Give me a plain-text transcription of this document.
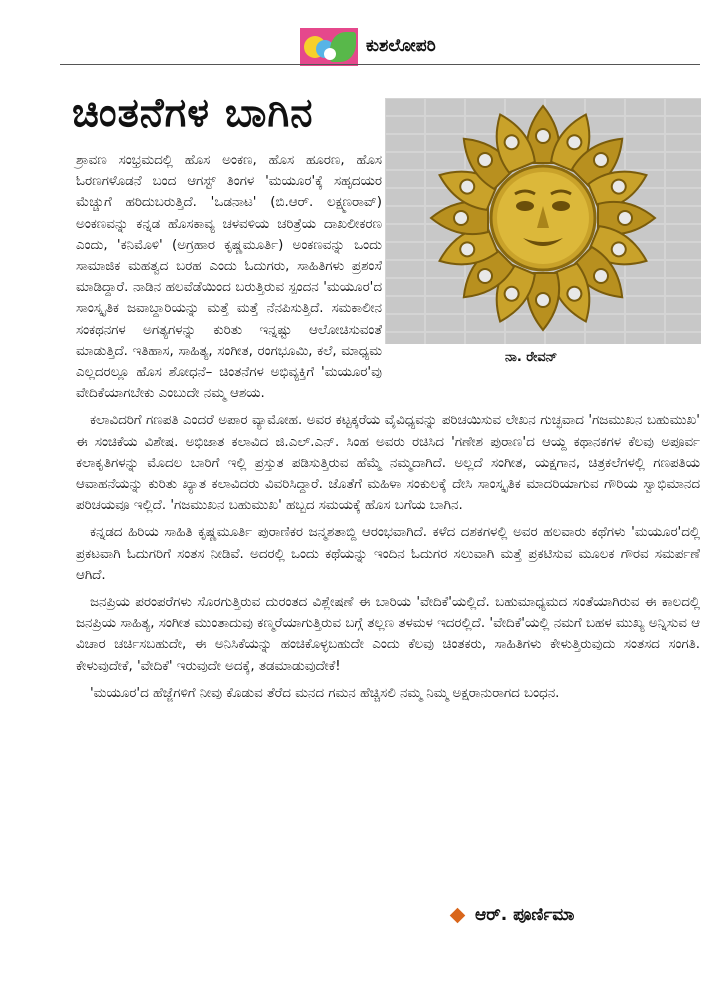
ಕುಶಲೋಪರಿ
ಚಿಂತನೆಗಳ ಬಾಗಿನ
ನಾ. ರೇವನ್

ಶ್ರಾವಣ ಸಂಭ್ರಮದಲ್ಲಿ ಹೊಸ ಅಂಕಣ, ಹೊಸ ಹೂರಣ, ಹೊಸ ಓರಣಗಳೊಡನೆ ಬಂದ ಆಗಸ್ಟ್ ತಿಂಗಳ 'ಮಯೂರ'ಕ್ಕೆ ಸಹೃದಯರ ಮೆಚ್ಚುಗೆ ಹರಿದುಬರುತ್ತಿದೆ. 'ಒಡನಾಟ' (ಬಿ.ಆರ್. ಲಕ್ಷ್ಮಣರಾವ್) ಅಂಕಣವನ್ನು ಕನ್ನಡ ಹೊಸಕಾವ್ಯ ಚಳವಳಿಯ ಚರಿತ್ರೆಯ ದಾಖಲೀಕರಣ ಎಂದು, 'ಕನಿಮೊಳಿ' (ಅಗ್ರಹಾರ ಕೃಷ್ಣಮೂರ್ತಿ) ಅಂಕಣವನ್ನು ಒಂದು ಸಾಮಾಜಿಕ ಮಹತ್ವದ ಬರಹ ಎಂದು ಓದುಗರು, ಸಾಹಿತಿಗಳು ಪ್ರಶಂಸೆ ಮಾಡಿದ್ದಾರೆ. ನಾಡಿನ ಹಲವೆಡೆಯಿಂದ ಬರುತ್ತಿರುವ ಸ್ಪಂದನ 'ಮಯೂರ'ದ ಸಾಂಸ್ಕೃತಿಕ ಜವಾಬ್ದಾರಿಯನ್ನು ಮತ್ತೆ ಮತ್ತೆ ನೆನಪಿಸುತ್ತಿದೆ. ಸಮಕಾಲೀನ ಸಂಕಥನಗಳ ಅಗತ್ಯಗಳನ್ನು ಕುರಿತು ಇನ್ನಷ್ಟು ಆಲೋಚಿಸುವಂತೆ ಮಾಡುತ್ತಿದೆ. ಇತಿಹಾಸ, ಸಾಹಿತ್ಯ, ಸಂಗೀತ, ರಂಗಭೂಮಿ, ಕಲೆ, ಮಾಧ್ಯಮ ಎಲ್ಲದರಲ್ಲೂ ಹೊಸ ಶೋಧನೆ– ಚಿಂತನೆಗಳ ಅಭಿವ್ಯಕ್ತಿಗೆ 'ಮಯೂರ'ವು ವೇದಿಕೆಯಾಗಬೇಕು ಎಂಬುದೇ ನಮ್ಮ ಆಶಯ.

ಕಲಾವಿದರಿಗೆ ಗಣಪತಿ ಎಂದರೆ ಅಪಾರ ವ್ಯಾಮೋಹ. ಅವರ ಕಟ್ಟಕ್ಕರೆಯ ವೈವಿಧ್ಯವನ್ನು ಪರಿಚಯಿಸುವ ಲೇಖನ ಗುಚ್ಛವಾದ 'ಗಜಮುಖನ ಬಹುಮುಖ' ಈ ಸಂಚಿಕೆಯ ವಿಶೇಷ. ಅಭಿಜಾತ ಕಲಾವಿದ ಜಿ.ಎಲ್.ಎನ್. ಸಿಂಹ ಅವರು ರಚಿಸಿದ 'ಗಣೇಶ ಪುರಾಣ'ದ ಆಯ್ದ ಕಥಾನಕಗಳ ಕೆಲವು ಅಪೂರ್ವ ಕಲಾಕೃತಿಗಳನ್ನು ಮೊದಲ ಬಾರಿಗೆ ಇಲ್ಲಿ ಪ್ರಸ್ತುತ ಪಡಿಸುತ್ತಿರುವ ಹೆಮ್ಮೆ ನಮ್ಮದಾಗಿದೆ. ಅಲ್ಲದೆ ಸಂಗೀತ, ಯಕ್ಷಗಾನ, ಚಿತ್ರಕಲೆಗಳಲ್ಲಿ ಗಣಪತಿಯ ಆವಾಹನೆಯನ್ನು ಕುರಿತು ಖ್ಯಾತ ಕಲಾವಿದರು ವಿವರಿಸಿದ್ದಾರೆ. ಜೊತೆಗೆ ಮಹಿಳಾ ಸಂಕುಲಕ್ಕೆ ದೇಸಿ ಸಾಂಸ್ಕೃತಿಕ ಮಾದರಿಯಾಗುವ ಗೌರಿಯ ಸ್ವಾಭಿಮಾನದ ಪರಿಚಯವೂ ಇಲ್ಲಿದೆ. 'ಗಜಮುಖನ ಬಹುಮುಖ' ಹಬ್ಬದ ಸಮಯಕ್ಕೆ ಹೊಸ ಬಗೆಯ ಬಾಗಿನ.

ಕನ್ನಡದ ಹಿರಿಯ ಸಾಹಿತಿ ಕೃಷ್ಣಮೂರ್ತಿ ಪುರಾಣಿಕರ ಜನ್ಮಶತಾಬ್ದಿ ಆರಂಭವಾಗಿದೆ. ಕಳೆದ ದಶಕಗಳಲ್ಲಿ ಅವರ ಹಲವಾರು ಕಥೆಗಳು 'ಮಯೂರ'ದಲ್ಲಿ ಪ್ರಕಟವಾಗಿ ಓದುಗರಿಗೆ ಸಂತಸ ನೀಡಿವೆ. ಅದರಲ್ಲಿ ಒಂದು ಕಥೆಯನ್ನು ಇಂದಿನ ಓದುಗರ ಸಲುವಾಗಿ ಮತ್ತೆ ಪ್ರಕಟಿಸುವ ಮೂಲಕ ಗೌರವ ಸಮರ್ಪಣೆ ಆಗಿದೆ.

ಜನಪ್ರಿಯ ಪರಂಪರೆಗಳು ಸೊರಗುತ್ತಿರುವ ದುರಂತದ ವಿಶ್ಲೇಷಣೆ ಈ ಬಾರಿಯ 'ವೇದಿಕೆ'ಯಲ್ಲಿದೆ. ಬಹುಮಾಧ್ಯಮದ ಸಂತೆಯಾಗಿರುವ ಈ ಕಾಲದಲ್ಲಿ ಜನಪ್ರಿಯ ಸಾಹಿತ್ಯ, ಸಂಗೀತ ಮುಂತಾದುವು ಕಣ್ಮರೆಯಾಗುತ್ತಿರುವ ಬಗ್ಗೆ ತಲ್ಲಣ ತಳಮಳ ಇದರಲ್ಲಿದೆ. 'ವೇದಿಕೆ'ಯಲ್ಲಿ ನಮಗೆ ಬಹಳ ಮುಖ್ಯ ಅನ್ನಿಸುವ ಆ ವಿಚಾರ ಚರ್ಚಿಸಬಹುದೇ, ಈ ಅನಿಸಿಕೆಯನ್ನು ಹಂಚಿಕೊಳ್ಳಬಹುದೇ ಎಂದು ಕೆಲವು ಚಿಂತಕರು, ಸಾಹಿತಿಗಳು ಕೇಳುತ್ತಿರುವುದು ಸಂತಸದ ಸಂಗತಿ. ಕೇಳುವುದೇಕೆ, 'ವೇದಿಕೆ' ಇರುವುದೇ ಅದಕ್ಕೆ, ತಡಮಾಡುವುದೇಕೆ!

'ಮಯೂರ'ದ ಹೆಜ್ಜೆಗಳಿಗೆ ನೀವು ಕೊಡುವ ತೆರೆದ ಮನದ ಗಮನ ಹೆಚ್ಚಿಸಲಿ ನಮ್ಮ ನಿಮ್ಮ ಅಕ್ಷರಾನುರಾಗದ ಬಂಧನ.

ಆರ್. ಪೂರ್ಣಿಮಾ
